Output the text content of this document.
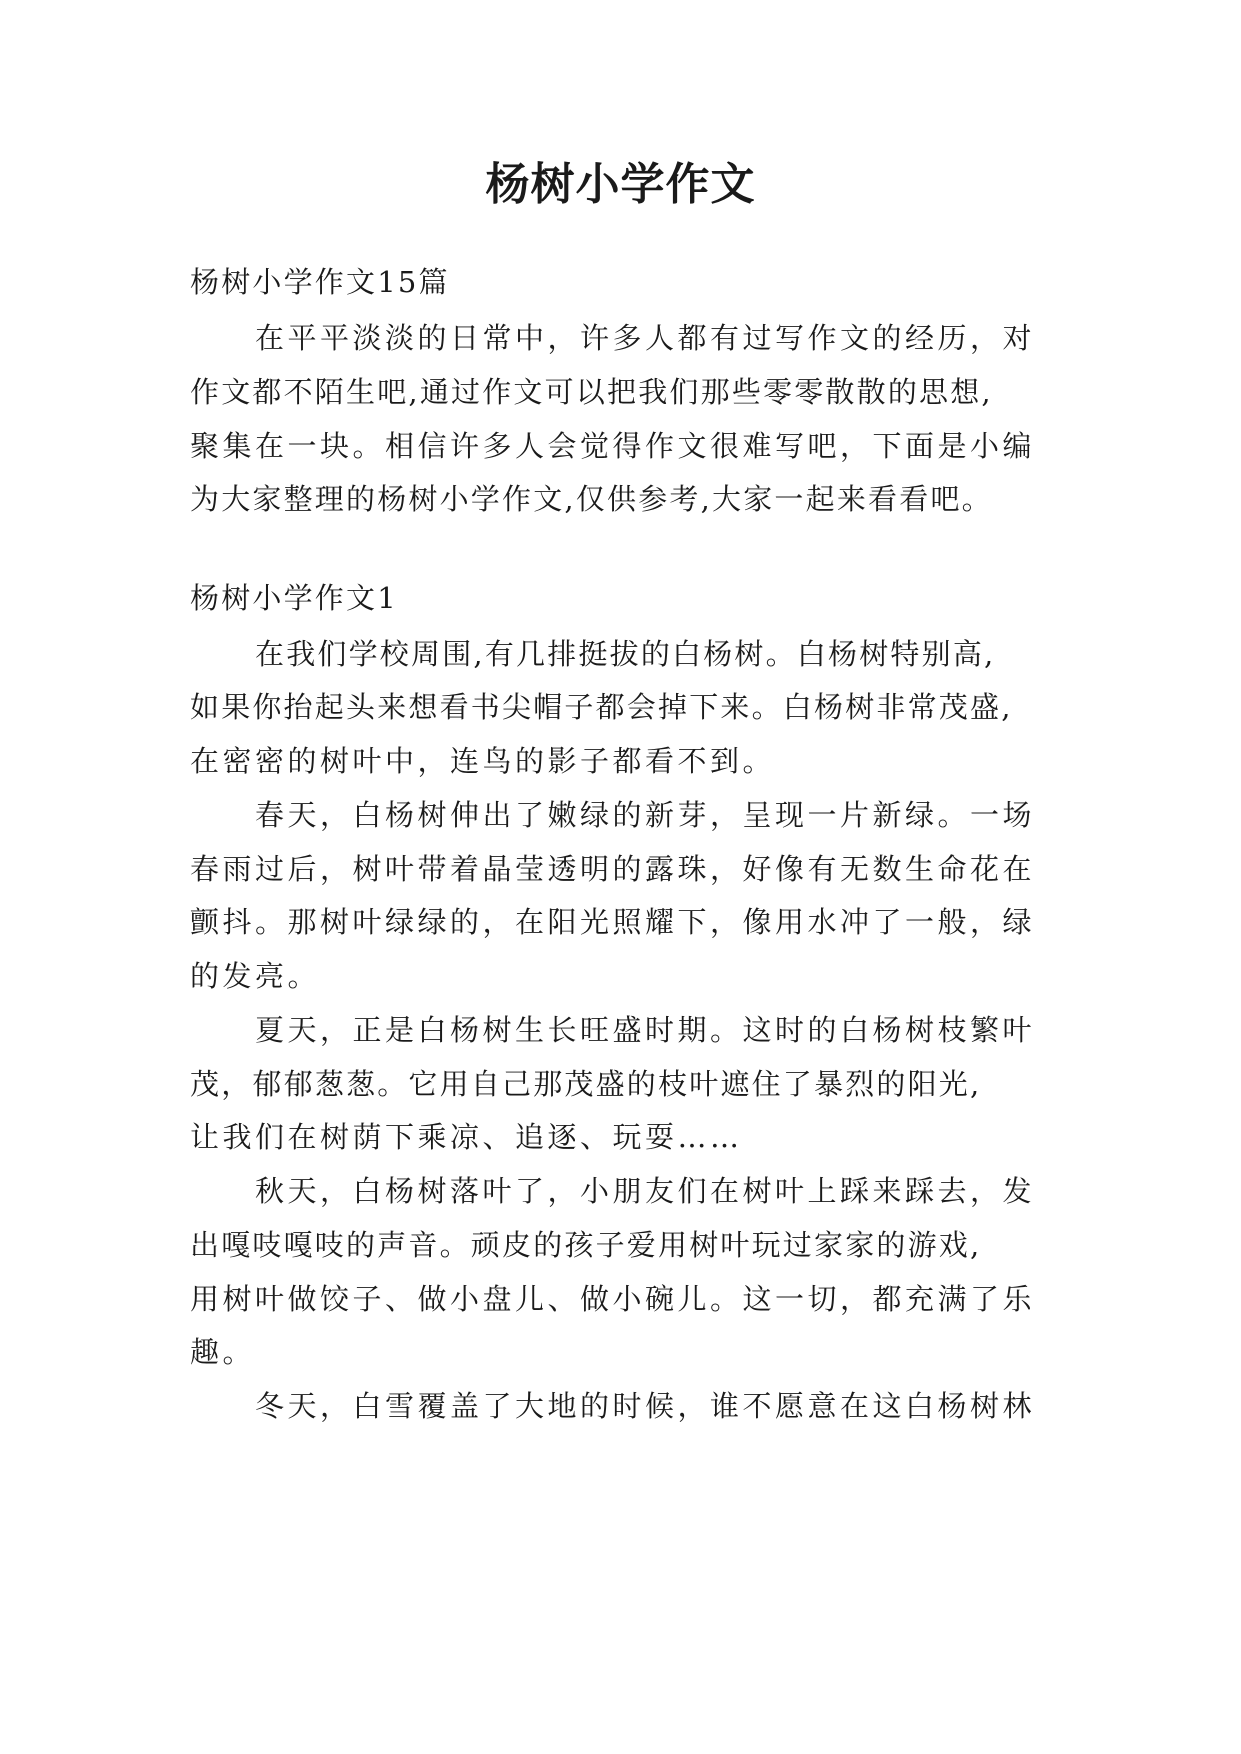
杨树小学作文

杨树小学作文15篇

在平平淡淡的日常中，许多人都有过写作文的经历，对

作文都不陌生吧,通过作文可以把我们那些零零散散的思想,

聚集在一块。相信许多人会觉得作文很难写吧，下面是小编

为大家整理的杨树小学作文,仅供参考,大家一起来看看吧。

杨树小学作文1

在我们学校周围,有几排挺拔的白杨树。白杨树特别高,

如果你抬起头来想看书尖帽子都会掉下来。白杨树非常茂盛,

在密密的树叶中，连鸟的影子都看不到。

春天，白杨树伸出了嫩绿的新芽，呈现一片新绿。一场

春雨过后，树叶带着晶莹透明的露珠，好像有无数生命花在

颤抖。那树叶绿绿的，在阳光照耀下，像用水冲了一般，绿

的发亮。

夏天，正是白杨树生长旺盛时期。这时的白杨树枝繁叶

茂，郁郁葱葱。它用自己那茂盛的枝叶遮住了暴烈的阳光,

让我们在树荫下乘凉、追逐、玩耍……

秋天，白杨树落叶了，小朋友们在树叶上踩来踩去，发

出嘎吱嘎吱的声音。顽皮的孩子爱用树叶玩过家家的游戏,

用树叶做饺子、做小盘儿、做小碗儿。这一切，都充满了乐

趣。

冬天，白雪覆盖了大地的时候，谁不愿意在这白杨树林
